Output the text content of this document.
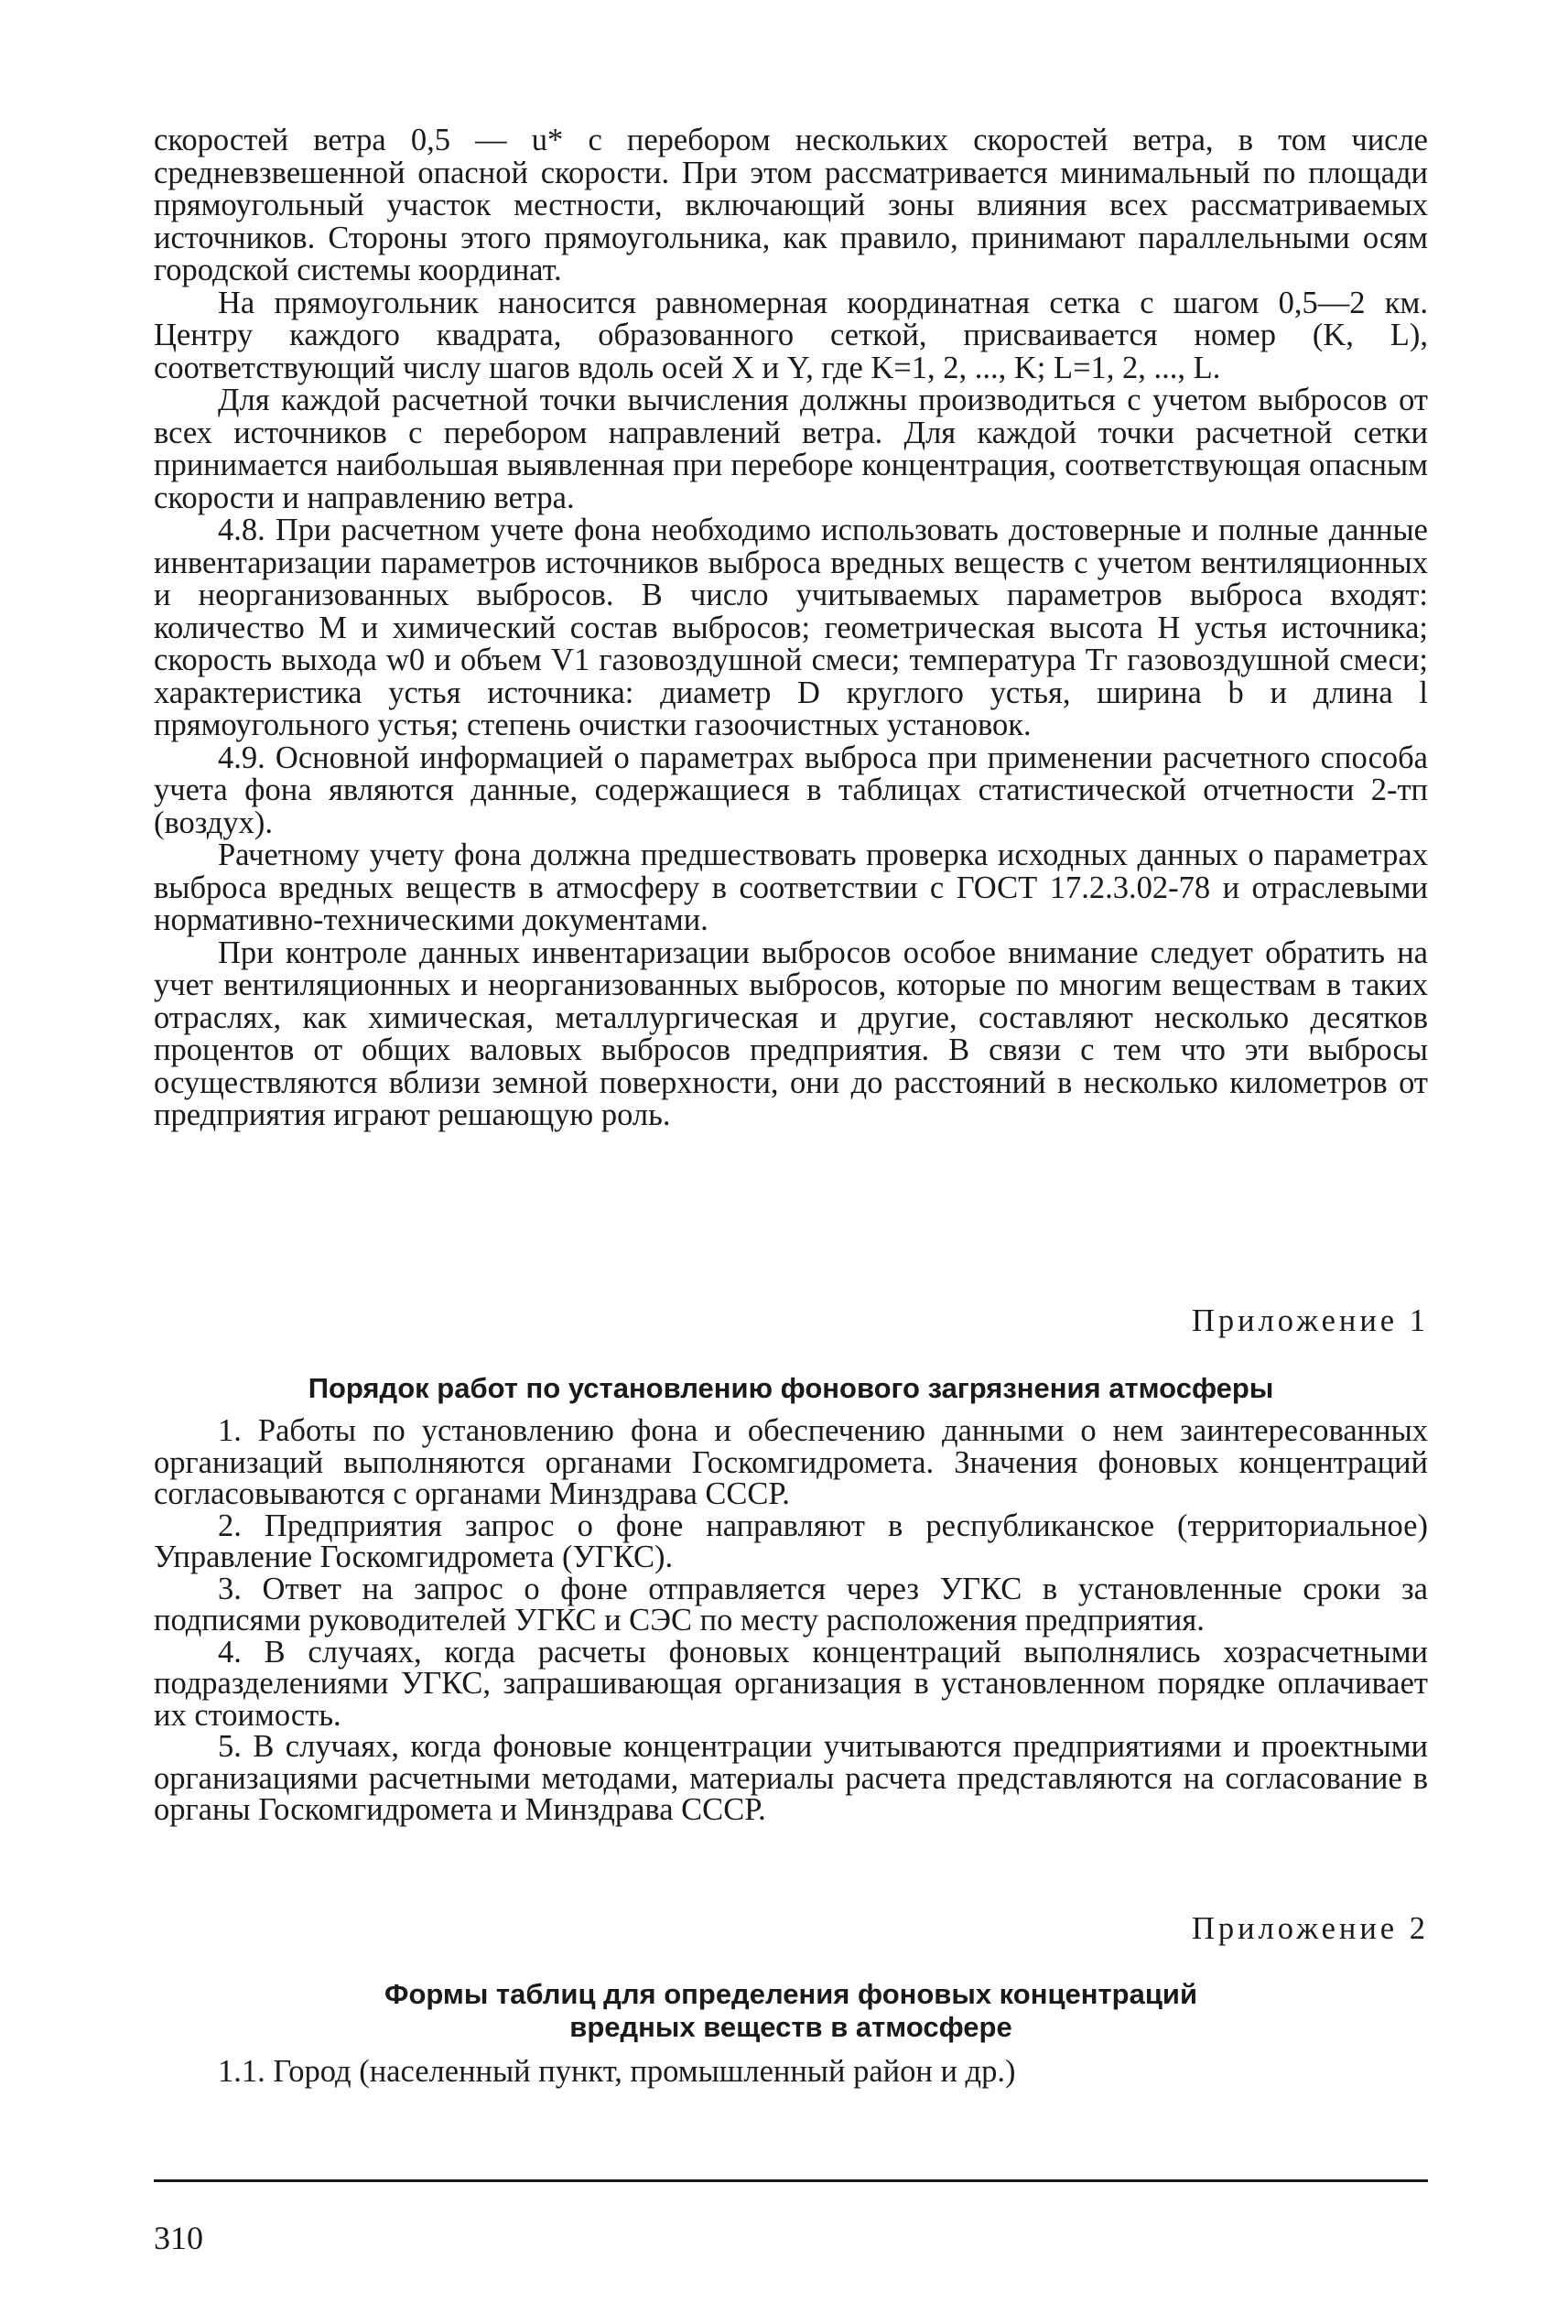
скоростей ветра 0,5 — u* с перебором нескольких скоростей ветра, в том числе средневзвешенной опасной скорости. При этом рассматривается минимальный по площади прямоугольный участок местности, включающий зоны влияния всех рассматриваемых источников. Стороны этого прямоугольника, как правило, принимают параллельными осям городской системы координат.

На прямоугольник наносится равномерная координатная сетка с шагом 0,5—2 км. Центру каждого квадрата, образованного сеткой, присваивается номер (K, L), соответствующий числу шагов вдоль осей X и Y, где K=1, 2, ..., K; L=1, 2, ..., L.

Для каждой расчетной точки вычисления должны производиться с учетом выбросов от всех источников с перебором направлений ветра. Для каждой точки расчетной сетки принимается наибольшая выявленная при переборе концентрация, соответствующая опасным скорости и направлению ветра.

4.8. При расчетном учете фона необходимо использовать достоверные и полные данные инвентаризации параметров источников выброса вредных веществ с учетом вентиляционных и неорганизованных выбросов. В число учитываемых параметров выброса входят: количество M и химический состав выбросов; геометрическая высота H устья источника; скорость выхода w0 и объем V1 газовоздушной смеси; температура Tг газовоздушной смеси; характеристика устья источника: диаметр D круглого устья, ширина b и длина l прямоугольного устья; степень очистки газоочистных установок.

4.9. Основной информацией о параметрах выброса при применении расчетного способа учета фона являются данные, содержащиеся в таблицах статистической отчетности 2-тп (воздух).

Рачетному учету фона должна предшествовать проверка исходных данных о параметрах выброса вредных веществ в атмосферу в соответствии с ГОСТ 17.2.3.02-78 и отраслевыми нормативно-техническими документами.

При контроле данных инвентаризации выбросов особое внимание следует обратить на учет вентиляционных и неорганизованных выбросов, которые по многим веществам в таких отраслях, как химическая, металлургическая и другие, составляют несколько десятков процентов от общих валовых выбросов предприятия. В связи с тем что эти выбросы осуществляются вблизи земной поверхности, они до расстояний в несколько километров от предприятия играют решающую роль.

Приложение 1
Порядок работ по установлению фонового загрязнения атмосферы

1. Работы по установлению фона и обеспечению данными о нем заинтересованных организаций выполняются органами Госкомгидромета. Значения фоновых концентраций согласовываются с органами Минздрава СССР.

2. Предприятия запрос о фоне направляют в республиканское (территориальное) Управление Госкомгидромета (УГКС).

3. Ответ на запрос о фоне отправляется через УГКС в установленные сроки за подписями руководителей УГКС и СЭС по месту расположения предприятия.

4. В случаях, когда расчеты фоновых концентраций выполнялись хозрасчетными подразделениями УГКС, запрашивающая организация в установленном порядке оплачивает их стоимость.

5. В случаях, когда фоновые концентрации учитываются предприятиями и проектными организациями расчетными методами, материалы расчета представляются на согласование в органы Госкомгидромета и Минздрава СССР.

Приложение 2
Формы таблиц для определения фоновых концентраций
вредных веществ в атмосфере

1.1. Город (населенный пункт, промышленный район и др.)

310
